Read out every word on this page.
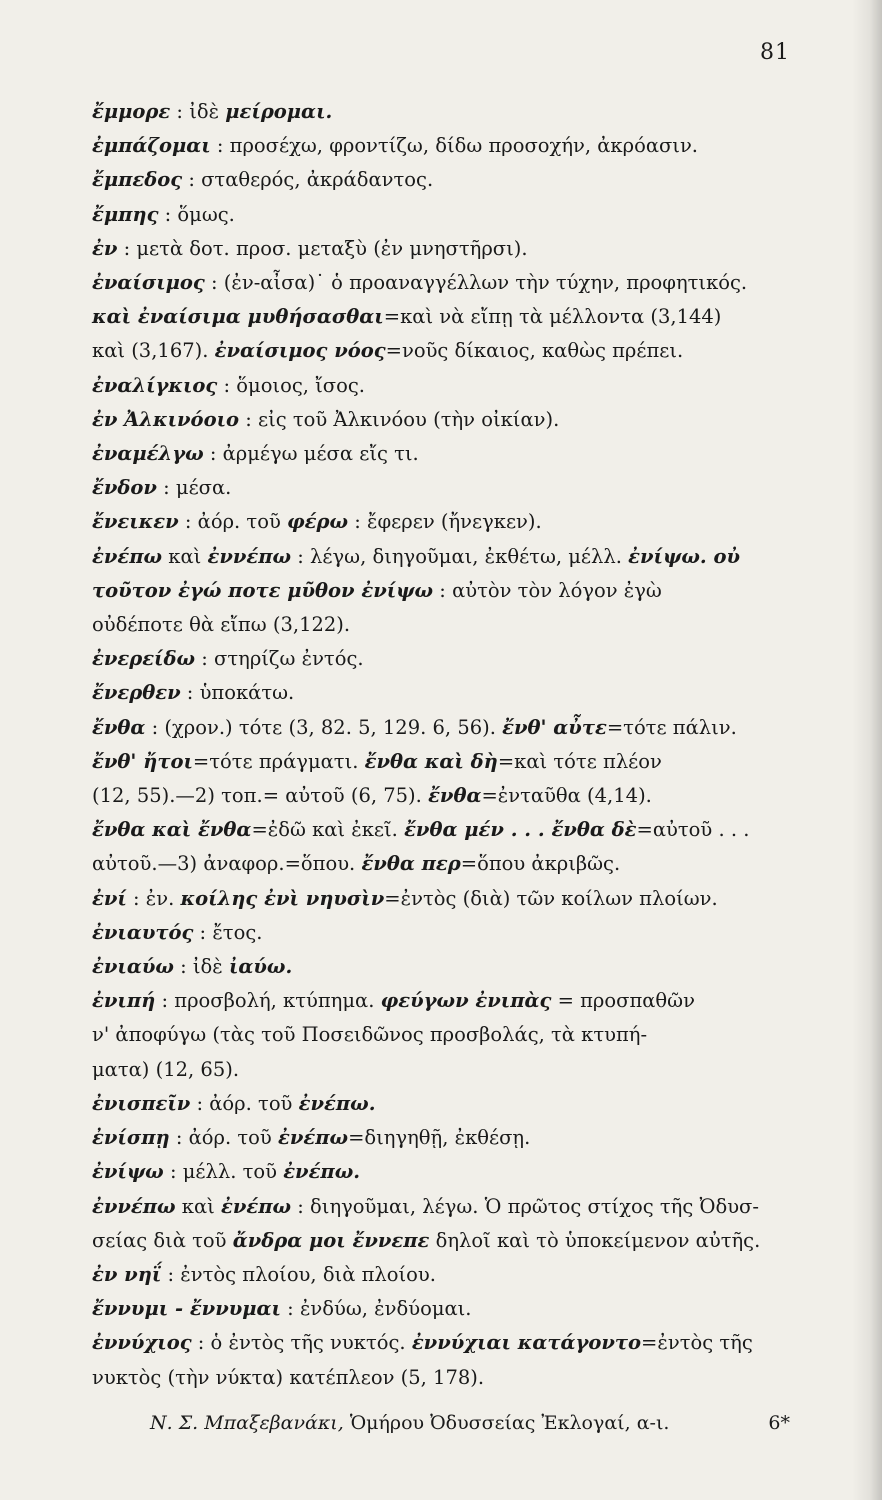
81
ἔμμορε : ἰδὲ μείρομαι.
ἐμπάζομαι : προσέχω, φροντίζω, δίδω προσοχήν, ἀκρόασιν.
ἔμπεδος : σταθερός, ἀκράδαντος.
ἔμπης : ὅμως.
ἐν : μετὰ δοτ. προσ. μεταξὺ (ἐν μνηστῆρσι).
ἐναίσιμος : (ἐν-αἶσα)˙ ὁ προαναγγέλλων τὴν τύχην, προφητικός.
καὶ ἐναίσιμα μυθήσασθαι=καὶ νὰ εἴπῃ τὰ μέλλοντα (3,144)
καὶ (3,167). ἐναίσιμος νόος=νοῦς δίκαιος, καθὼς πρέπει.
ἐναλίγκιος : ὅμοιος, ἴσος.
ἐν Ἀλκινόοιο : εἰς τοῦ Ἀλκινόου (τὴν οἰκίαν).
ἐναμέλγω : ἀρμέγω μέσα εἴς τι.
ἔνδον : μέσα.
ἔνεικεν : ἀόρ. τοῦ φέρω : ἔφερεν (ἤνεγκεν).
ἐνέπω καὶ ἐννέπω : λέγω, διηγοῦμαι, ἐκθέτω, μέλλ. ἐνίψω. οὐ
τοῦτον ἐγώ ποτε μῦθον ἐνίψω : αὐτὸν τὸν λόγον ἐγὼ
οὐδέποτε θὰ εἴπω (3,122).
ἐνερείδω : στηρίζω ἐντός.
ἔνερθεν : ὑποκάτω.
ἔνθα : (χρον.) τότε (3, 82. 5, 129. 6, 56). ἔνθ' αὖτε=τότε πάλιν.
ἔνθ' ἤτοι=τότε πράγματι. ἔνθα καὶ δὴ=καὶ τότε πλέον
(12, 55).—2) τοπ.= αὐτοῦ (6, 75). ἔνθα=ἐνταῦθα (4,14).
ἔνθα καὶ ἔνθα=ἐδῶ καὶ ἐκεῖ. ἔνθα μέν . . . ἔνθα δὲ=αὐτοῦ . . .
αὐτοῦ.—3) ἀναφορ.=ὅπου. ἔνθα περ=ὅπου ἀκριβῶς.
ἐνί : ἐν. κοίλης ἐνὶ νηυσὶν=ἐντὸς (διὰ) τῶν κοίλων πλοίων.
ἐνιαυτός : ἔτος.
ἐνιαύω : ἰδὲ ἰαύω.
ἐνιπή : προσβολή, κτύπημα. φεύγων ἐνιπὰς = προσπαθῶν
ν' ἀποφύγω (τὰς τοῦ Ποσειδῶνος προσβολάς, τὰ κτυπή-
ματα) (12, 65).
ἐνισπεῖν : ἀόρ. τοῦ ἐνέπω.
ἐνίσπῃ : ἀόρ. τοῦ ἐνέπω=διηγηθῇ, ἐκθέσῃ.
ἐνίψω : μέλλ. τοῦ ἐνέπω.
ἐννέπω καὶ ἐνέπω : διηγοῦμαι, λέγω. Ὁ πρῶτος στίχος τῆς Ὀδυσ-
σείας διὰ τοῦ ἄνδρα μοι ἔννεπε δηλοῖ καὶ τὸ ὑποκείμενον αὐτῆς.
ἐν νηΐ : ἐντὸς πλοίου, διὰ πλοίου.
ἔννυμι - ἔννυμαι : ἐνδύω, ἐνδύομαι.
ἐννύχιος : ὁ ἐντὸς τῆς νυκτός. ἐννύχιαι κατάγοντο=ἐντὸς τῆς
νυκτὸς (τὴν νύκτα) κατέπλεον (5, 178).
Ν. Σ. Μπαξεβανάκι, Ὁμήρου Ὀδυσσείας Ἐκλογαί, α-ι.	6*
